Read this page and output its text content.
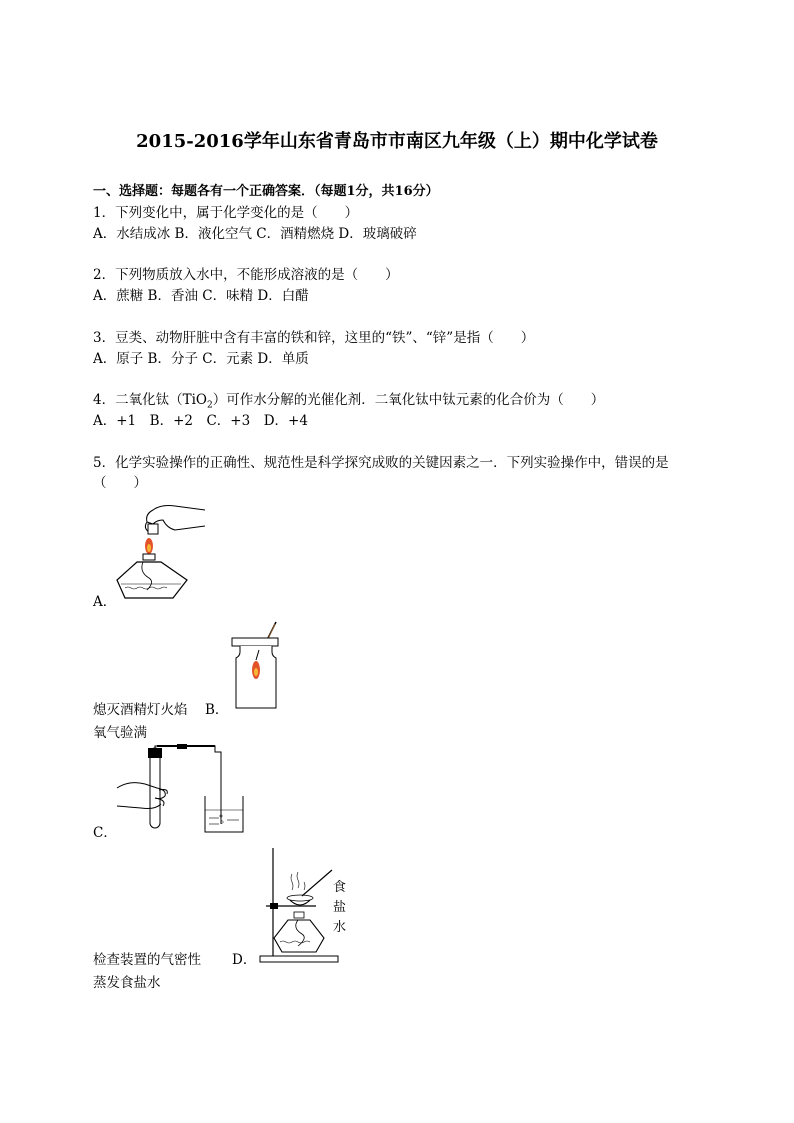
2015-2016学年山东省青岛市市南区九年级（上）期中化学试卷
一、选择题：每题各有一个正确答案．（每题1分，共16分）
1．下列变化中，属于化学变化的是（　　）
A．水结成冰 B．液化空气 C．酒精燃烧 D．玻璃破碎
2．下列物质放入水中，不能形成溶液的是（　　）
A．蔗糖 B．香油 C．味精 D．白醋
3．豆类、动物肝脏中含有丰富的铁和锌，这里的“铁”、“锌”是指（　　）
A．原子 B．分子 C．元素 D．单质
4．二氧化钛（TiO$_2$）可作水分解的光催化剂．二氧化钛中钛元素的化合价为（　　）
A．+1　B．+2　C．+3　D．+4
5．化学实验操作的正确性、规范性是科学探究成败的关键因素之一．下列实验操作中，错误的是
（　　）
A．
熄灭酒精灯火焰 B．
氧气验满
C．
食
盐
水
检查装置的气密性 D．
蒸发食盐水
